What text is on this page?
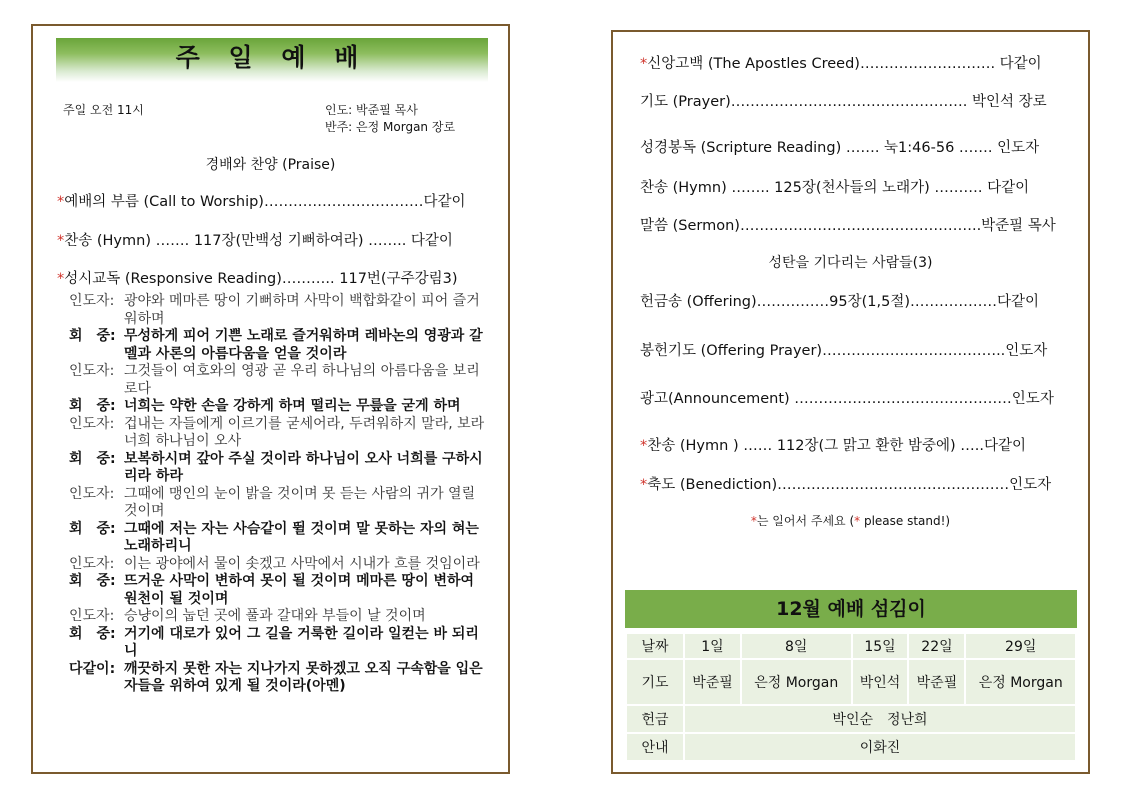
주 일 예 배
주일 오전 11시	인도: 박준필 목사
반주: 은정 Morgan 장로
경배와 찬양 (Praise)
*예배의 부름 (Call to Worship)……………………………다같이
*찬송 (Hymn) ……. 117장(만백성 기뻐하여라) …….. 다같이
*성시교독 (Responsive Reading)……….. 117번(구주강림3)
인도자: 광야와 메마른 땅이 기뻐하며 사막이 백합화같이 피어 즐거워하며
회　중: 무성하게 피어 기쁜 노래로 즐거워하며 레바논의 영광과 갈멜과 사론의 아름다움을 얻을 것이라
인도자: 그것들이 여호와의 영광 곧 우리 하나님의 아름다움을 보리로다
회　중: 너희는 약한 손을 강하게 하며 떨리는 무릎을 굳게 하며
인도자: 겁내는 자들에게 이르기를 굳세어라, 두려워하지 말라, 보라 너희 하나님이 오사
회　중: 보복하시며 갚아 주실 것이라 하나님이 오사 너희를 구하시리라 하라
인도자: 그때에 맹인의 눈이 밝을 것이며 못 듣는 사람의 귀가 열릴 것이며
회　중: 그때에 저는 자는 사슴같이 뛸 것이며 말 못하는 자의 혀는 노래하리니
인도자: 이는 광야에서 물이 솟겠고 사막에서 시내가 흐를 것임이라
회　중: 뜨거운 사막이 변하여 못이 될 것이며 메마른 땅이 변하여 원천이 될 것이며
인도자: 승냥이의 눕던 곳에 풀과 갈대와 부들이 날 것이며
회　중: 거기에 대로가 있어 그 길을 거룩한 길이라 일컫는 바 되리니
다같이: 깨끗하지 못한 자는 지나가지 못하겠고 오직 구속함을 입은 자들을 위하여 있게 될 것이라(아멘)
*신앙고백 (The Apostles Creed)………………………. 다같이
기도 (Prayer)…………………………………………. 박인석 장로
성경봉독 (Scripture Reading) ……. 눅1:46-56 ……. 인도자
찬송 (Hymn) …….. 125장(천사들의 노래가) ………. 다같이
말씀 (Sermon)…………………………………………..박준필 목사
성탄을 기다리는 사람들(3)
헌금송 (Offering)……………95장(1,5절)………………다같이
봉헌기도 (Offering Prayer)………………………………..인도자
광고(Announcement) ………………………………………인도자
*찬송 (Hymn ) …… 112장(그 맑고 환한 밤중에) …..다같이
*축도 (Benediction)…………………………………………인도자
*는 일어서 주세요 (* please stand!)
12월 예배 섬김이
날짜	1일	8일	15일	22일	29일
기도	박준필	은정 Morgan	박인석	박준필	은정 Morgan
헌금	박인순　정난희				
안내	이화진				
